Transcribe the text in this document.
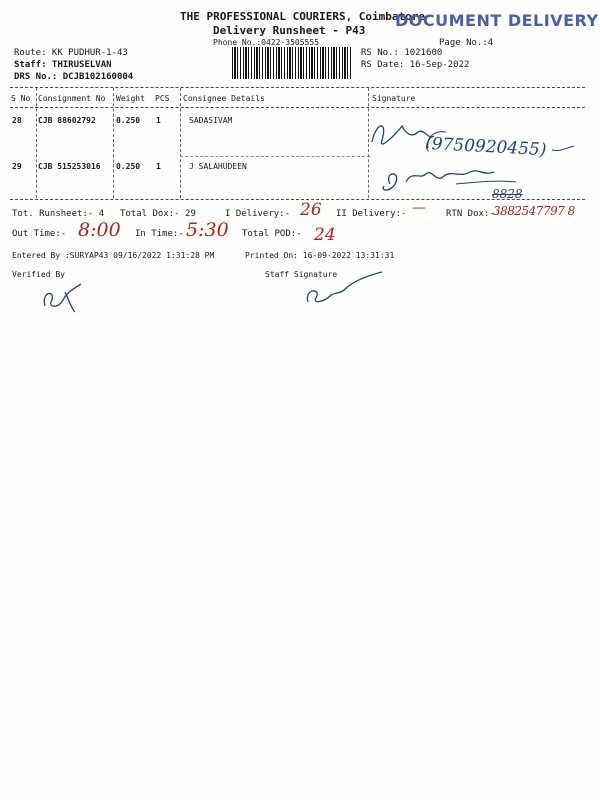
THE PROFESSIONAL COURIERS, Coimbatore
DOCUMENT DELIVERY
Delivery Runsheet - P43
Phone No.:0422-3505555	Page No.:4
Route: KK PUDHUR-1-43
Staff: THIRUSELVAN
DRS No.: DCJB102160004
RS No.: 1021600
RS Date: 16-Sep-2022
S No Consignment No Weight PCS Consignee Details	Signature
28 CJB 88602792	0.250 1	SADASIVAM
29 CJB 515253016 0.250 1	J SALAHUDEEN
(9750920455)
8828
Tot. Runsheet:- 4 Total Dox:- 29	I Delivery:- 26 II Delivery:- — RTN Dox:-
3882547797 8
Out Time:- 8:00 In Time:- 5:30 Total POD:- 24
Entered By :SURYAP43 09/16/2022 1:31:28 PM	Printed On: 16-09-2022 13:31:31
Verified By	Staff Signature
